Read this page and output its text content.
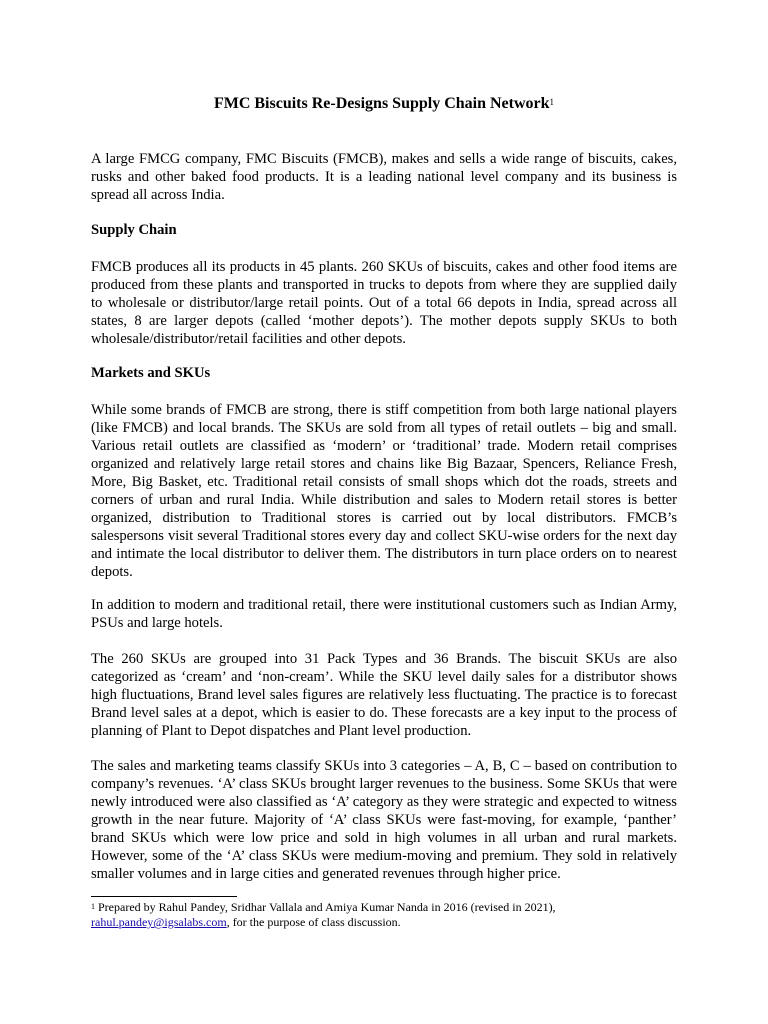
FMC Biscuits Re-Designs Supply Chain Network$^1$

A large FMCG company, FMC Biscuits (FMCB), makes and sells a wide range of biscuits, cakes, rusks and other baked food products. It is a leading national level company and its business is spread all across India.

Supply Chain

FMCB produces all its products in 45 plants. 260 SKUs of biscuits, cakes and other food items are produced from these plants and transported in trucks to depots from where they are supplied daily to wholesale or distributor/large retail points. Out of a total 66 depots in India, spread across all states, 8 are larger depots (called ‘mother depots’). The mother depots supply SKUs to both wholesale/distributor/retail facilities and other depots.

Markets and SKUs

While some brands of FMCB are strong, there is stiff competition from both large national players (like FMCB) and local brands. The SKUs are sold from all types of retail outlets – big and small. Various retail outlets are classified as ‘modern’ or ‘traditional’ trade. Modern retail comprises organized and relatively large retail stores and chains like Big Bazaar, Spencers, Reliance Fresh, More, Big Basket, etc. Traditional retail consists of small shops which dot the roads, streets and corners of urban and rural India. While distribution and sales to Modern retail stores is better organized, distribution to Traditional stores is carried out by local distributors. FMCB’s salespersons visit several Traditional stores every day and collect SKU-wise orders for the next day and intimate the local distributor to deliver them. The distributors in turn place orders on to nearest depots.

In addition to modern and traditional retail, there were institutional customers such as Indian Army, PSUs and large hotels.

The 260 SKUs are grouped into 31 Pack Types and 36 Brands. The biscuit SKUs are also categorized as ‘cream’ and ‘non-cream’. While the SKU level daily sales for a distributor shows high fluctuations, Brand level sales figures are relatively less fluctuating. The practice is to forecast Brand level sales at a depot, which is easier to do. These forecasts are a key input to the process of planning of Plant to Depot dispatches and Plant level production.

The sales and marketing teams classify SKUs into 3 categories – A, B, C – based on contribution to company’s revenues. ‘A’ class SKUs brought larger revenues to the business. Some SKUs that were newly introduced were also classified as ‘A’ category as they were strategic and expected to witness growth in the near future. Majority of ‘A’ class SKUs were fast-moving, for example, ‘panther’ brand SKUs which were low price and sold in high volumes in all urban and rural markets. However, some of the ‘A’ class SKUs were medium-moving and premium. They sold in relatively smaller volumes and in large cities and generated revenues through higher price.

$^1$ Prepared by Rahul Pandey, Sridhar Vallala and Amiya Kumar Nanda in 2016 (revised in 2021),
rahul.pandey@igsalabs.com, for the purpose of class discussion.
